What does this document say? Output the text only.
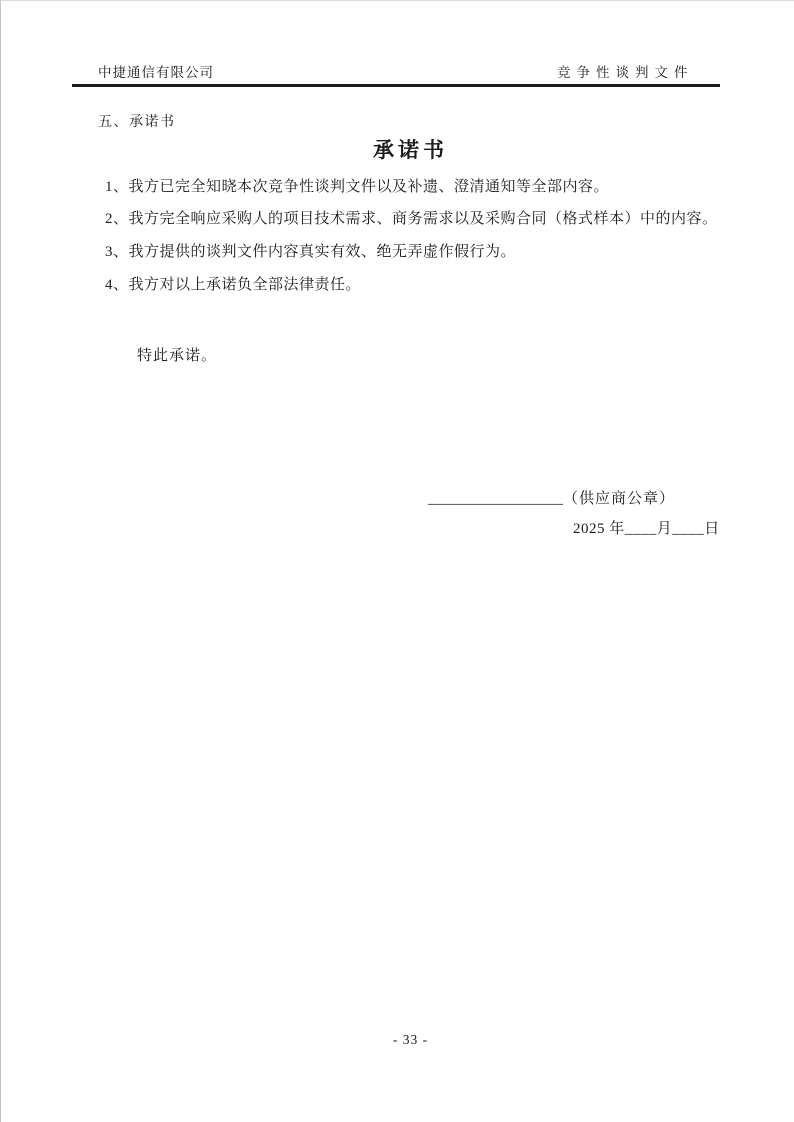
中捷通信有限公司	竞争性谈判文件
五、承诺书
承诺书
1、我方已完全知晓本次竞争性谈判文件以及补遗、澄清通知等全部内容。
2、我方完全响应采购人的项目技术需求、商务需求以及采购合同（格式样本）中的内容。
3、我方提供的谈判文件内容真实有效、绝无弄虚作假行为。
4、我方对以上承诺负全部法律责任。
特此承诺。
__________________（供应商公章）
2025 年____月____日
- 33 -
